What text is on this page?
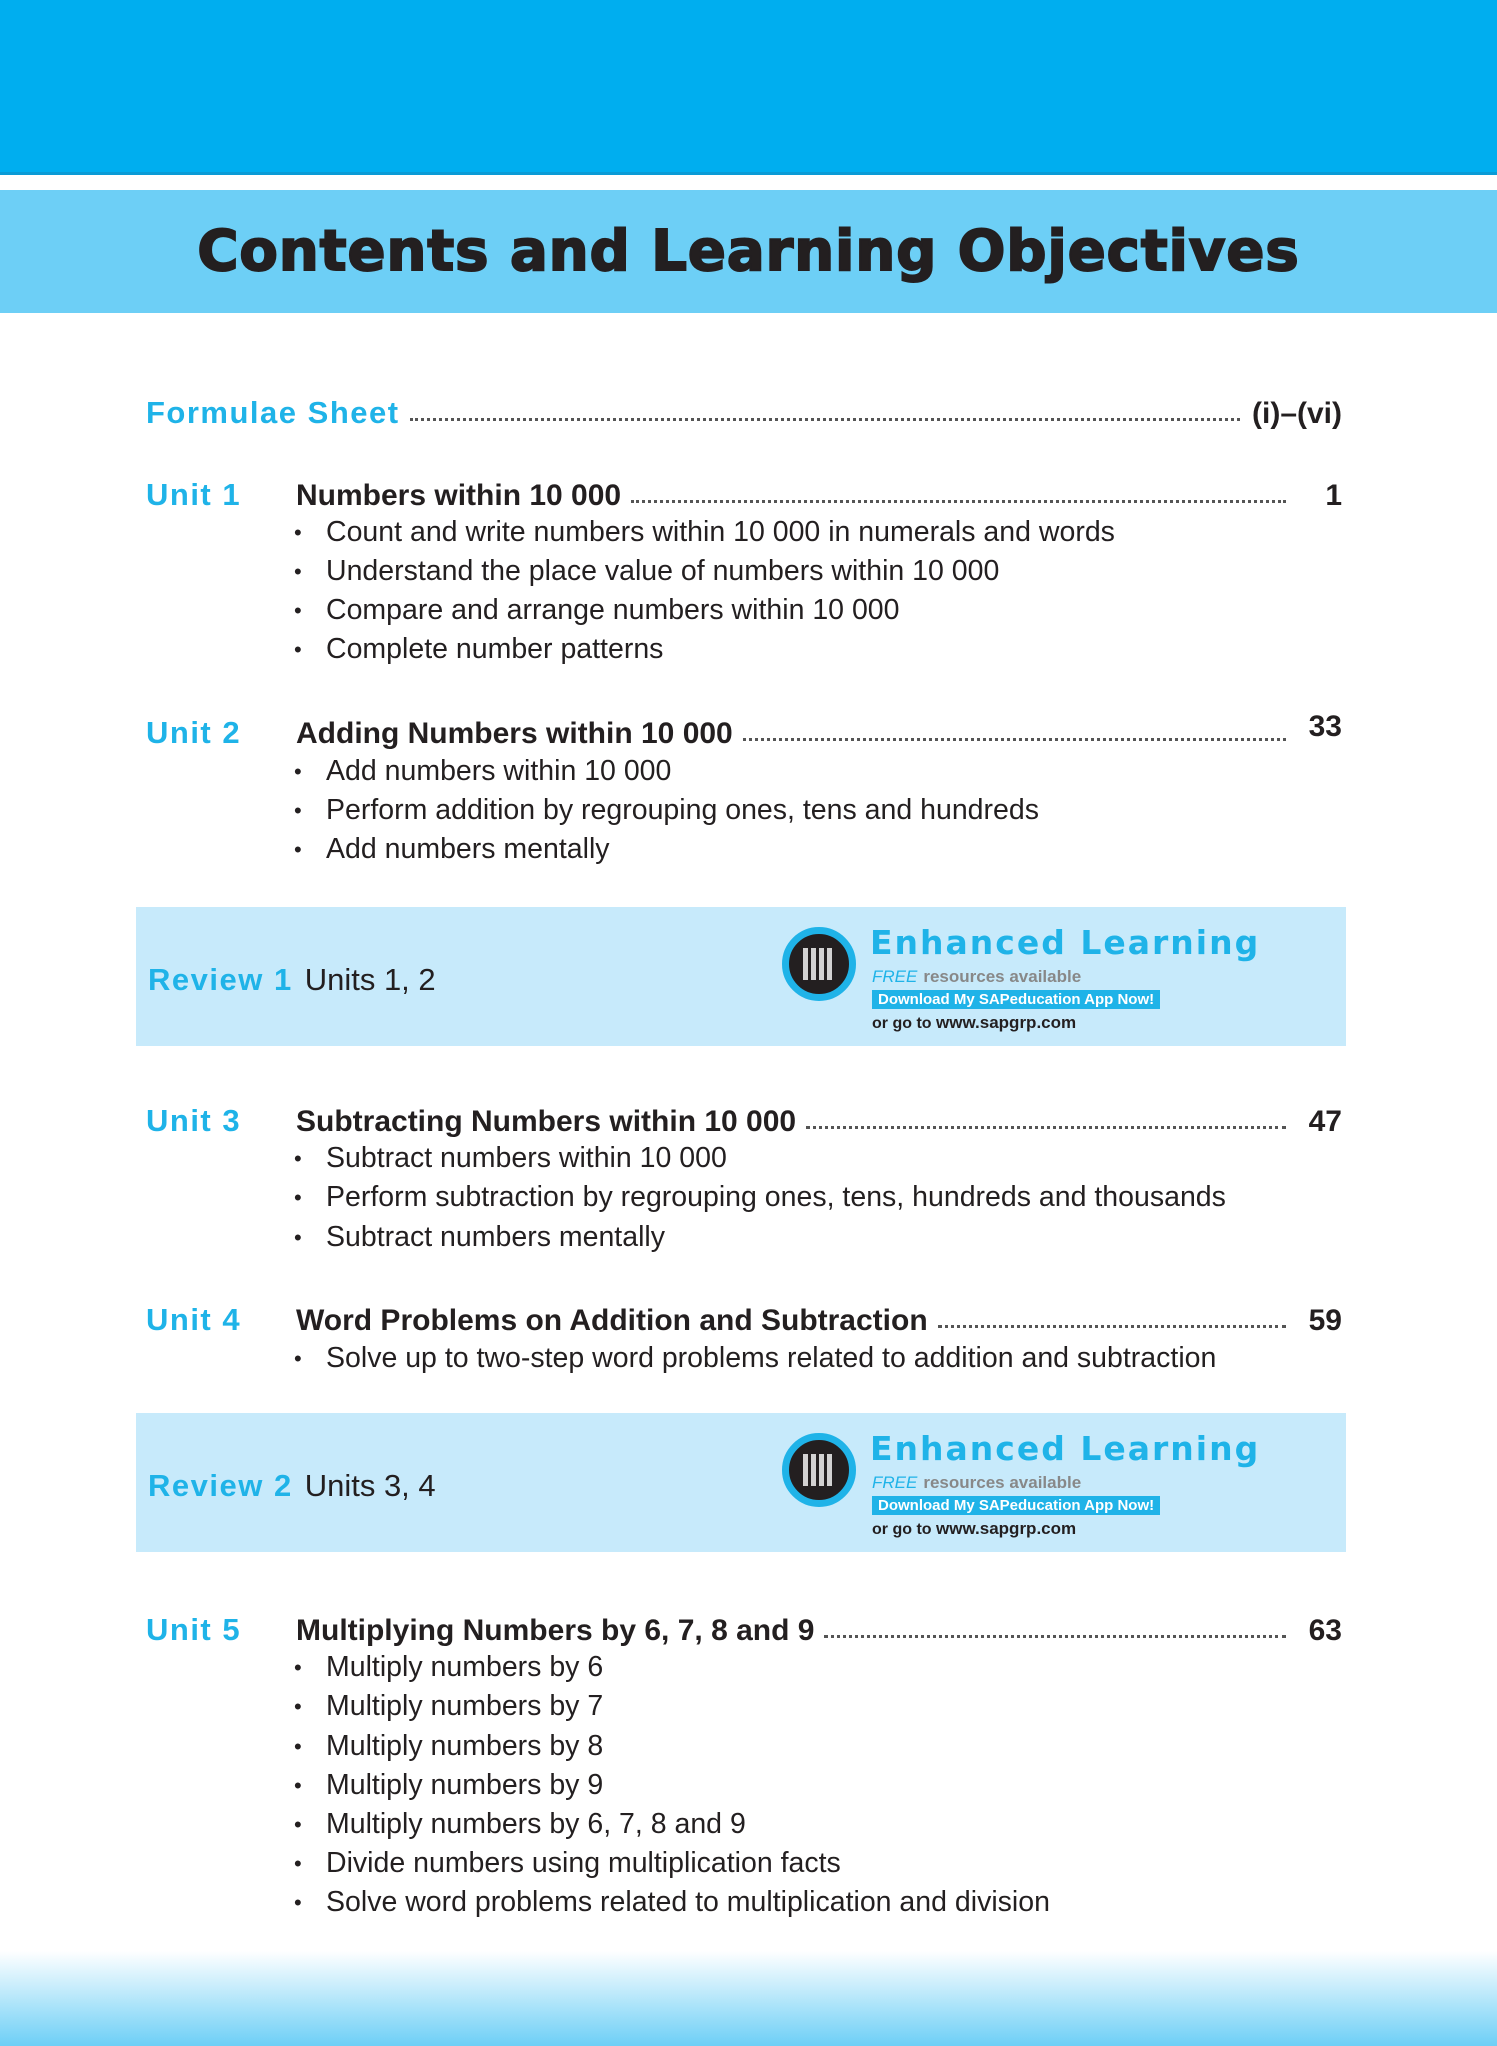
Contents and Learning Objectives
Formulae Sheet	(i)–(vi)
Unit 1	Numbers within 10 000	1
• Count and write numbers within 10 000 in numerals and words
• Understand the place value of numbers within 10 000
• Compare and arrange numbers within 10 000
• Complete number patterns
Unit 2	Adding Numbers within 10 000	33
• Add numbers within 10 000
• Perform addition by regrouping ones, tens and hundreds
• Add numbers mentally
Unit 3	Subtracting Numbers within 10 000	47
• Subtract numbers within 10 000
• Perform subtraction by regrouping ones, tens, hundreds and thousands
• Subtract numbers mentally
Unit 4	Word Problems on Addition and Subtraction	59
• Solve up to two-step word problems related to addition and subtraction
Unit 5	Multiplying Numbers by 6, 7, 8 and 9	63
• Multiply numbers by 6
• Multiply numbers by 7
• Multiply numbers by 8
• Multiply numbers by 9
• Multiply numbers by 6, 7, 8 and 9
• Divide numbers using multiplication facts
• Solve word problems related to multiplication and division
Review 1 Units 1, 2
Enhanced Learning
FREE resources available
Download My SAPeducation App Now!
or go to www.sapgrp.com
Review 2 Units 3, 4
Enhanced Learning
FREE resources available
Download My SAPeducation App Now!
or go to www.sapgrp.com
